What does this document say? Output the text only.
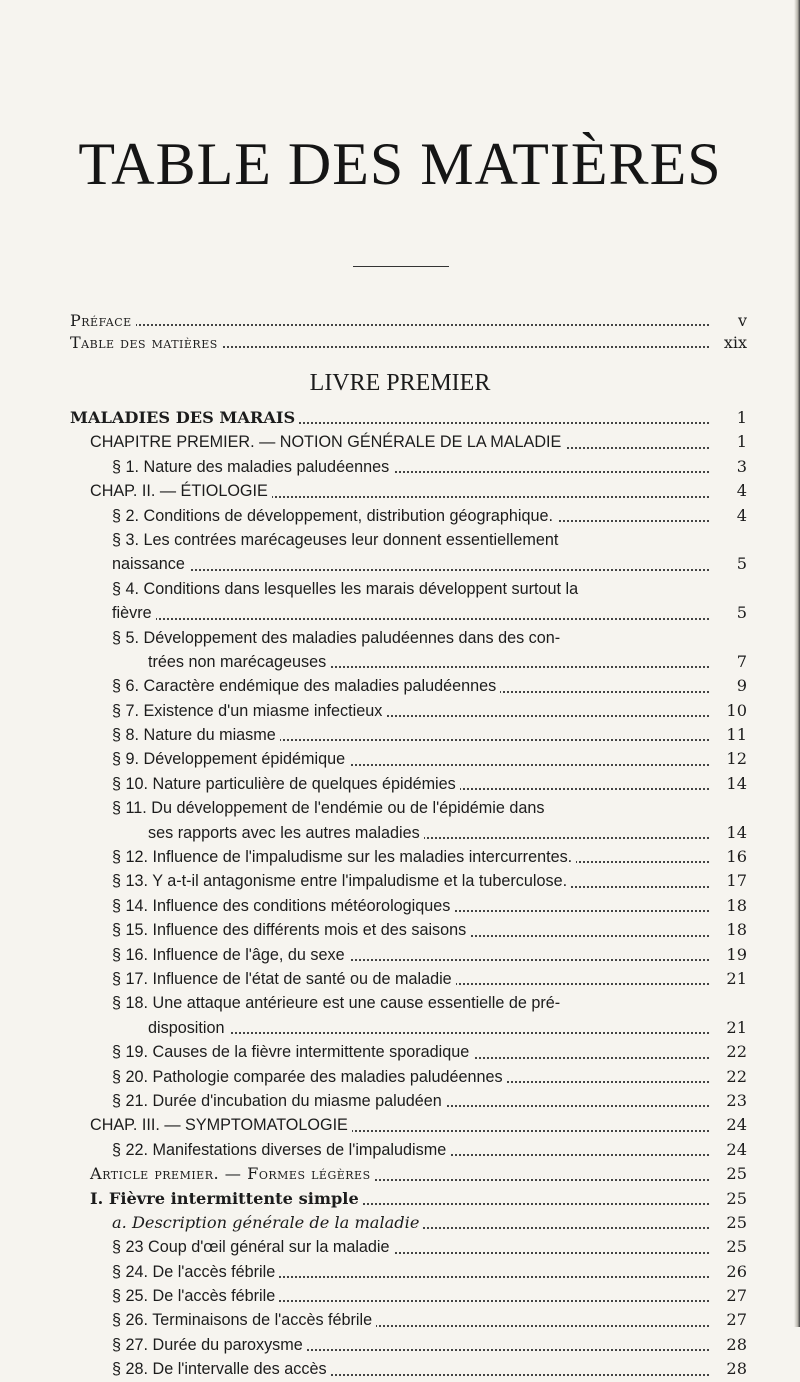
TABLE DES MATIÈRES
Préface	v
Table des matières	xix
LIVRE PREMIER
MALADIES DES MARAIS	1
CHAPITRE PREMIER. — NOTION GÉNÉRALE DE LA MALADIE	1
§ 1. Nature des maladies paludéennes	3
CHAP. II. — ÉTIOLOGIE	4
§ 2. Conditions de développement, distribution géographique.	4
§ 3. Les contrées marécageuses leur donnent essentiellement
naissance	5
§ 4. Conditions dans lesquelles les marais développent surtout la
fièvre	5
§ 5. Développement des maladies paludéennes dans des con-
trées non marécageuses	7
§ 6. Caractère endémique des maladies paludéennes	9
§ 7. Existence d'un miasme infectieux	10
§ 8. Nature du miasme	11
§ 9. Développement épidémique	12
§ 10. Nature particulière de quelques épidémies	14
§ 11. Du développement de l'endémie ou de l'épidémie dans
ses rapports avec les autres maladies	14
§ 12. Influence de l'impaludisme sur les maladies intercurrentes.	16
§ 13. Y a-t-il antagonisme entre l'impaludisme et la tuberculose.	17
§ 14. Influence des conditions météorologiques	18
§ 15. Influence des différents mois et des saisons	18
§ 16. Influence de l'âge, du sexe	19
§ 17. Influence de l'état de santé ou de maladie	21
§ 18. Une attaque antérieure est une cause essentielle de pré-
disposition	21
§ 19. Causes de la fièvre intermittente sporadique	22
§ 20. Pathologie comparée des maladies paludéennes	22
§ 21. Durée d'incubation du miasme paludéen	23
CHAP. III. — SYMPTOMATOLOGIE	24
§ 22. Manifestations diverses de l'impaludisme	24
Article premier. — Formes légères	25
I. Fièvre intermittente simple	25
a. Description générale de la maladie	25
§ 23 Coup d'œil général sur la maladie	25
§ 24. De l'accès fébrile	26
§ 25. De l'accès fébrile	27
§ 26. Terminaisons de l'accès fébrile	27
§ 27. Durée du paroxysme	28
§ 28. De l'intervalle des accès	28
